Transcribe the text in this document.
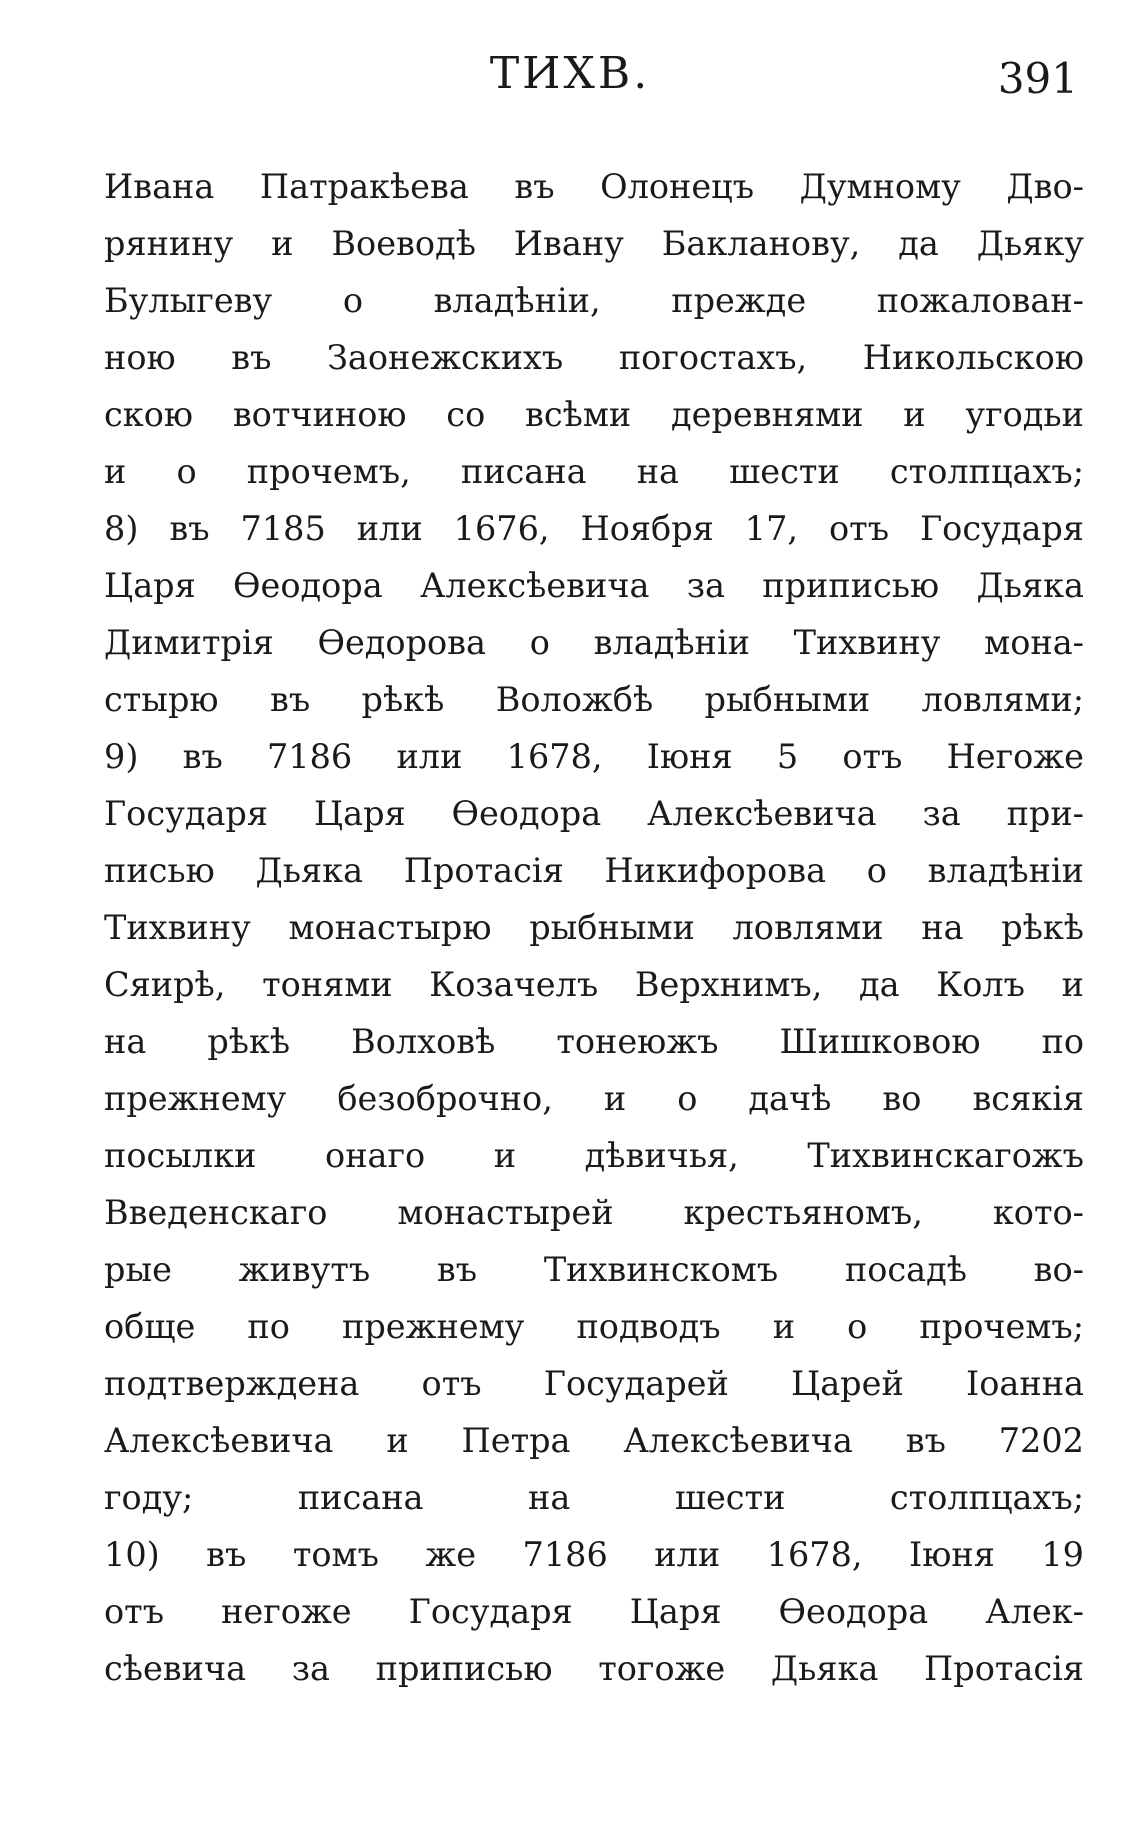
ТИХВ.	391
Ивана Патракѣева въ Олонецъ Думному Дво-
рянину и Воеводѣ Ивану Бакланову, да Дьяку
Булыгеву о владѣніи, прежде пожалован-
ною въ Заонежскихъ погостахъ, Никольскою
скою вотчиною со всѣми деревнями и угодьи
и о прочемъ, писана на шести столпцахъ;
8) въ 7185 или 1676, Ноября 17, отъ Государя
Царя Ѳеодора Алексѣевича за приписью Дьяка
Димитрія Ѳедорова о владѣніи Тихвину мона-
стырю въ рѣкѣ Воложбѣ рыбными ловлями;
9) въ 7186 или 1678, Іюня 5 отъ Негоже
Государя Царя Ѳеодора Алексѣевича за при-
писью Дьяка Протасія Никифорова о владѣніи
Тихвину монастырю рыбными ловлями на рѣкѣ
Сяирѣ, тонями Козачелъ Верхнимъ, да Колъ и
на рѣкѣ Волховѣ тонеюжъ Шишковою по
прежнему безоброчно, и о дачѣ во всякія
посылки онаго и дѣвичья, Тихвинскагожъ
Введенскаго монастырей крестьяномъ, кото-
рые живутъ въ Тихвинскомъ посадѣ во-
обще по прежнему подводъ и о прочемъ;
подтверждена отъ Государей Царей Іоанна
Алексѣевича и Петра Алексѣевича въ 7202
году; писана на шести столпцахъ;
10) въ томъ же 7186 или 1678, Іюня 19
отъ негоже Государя Царя Ѳеодора Алек-
сѣевича за приписью тогоже Дьяка Протасія
